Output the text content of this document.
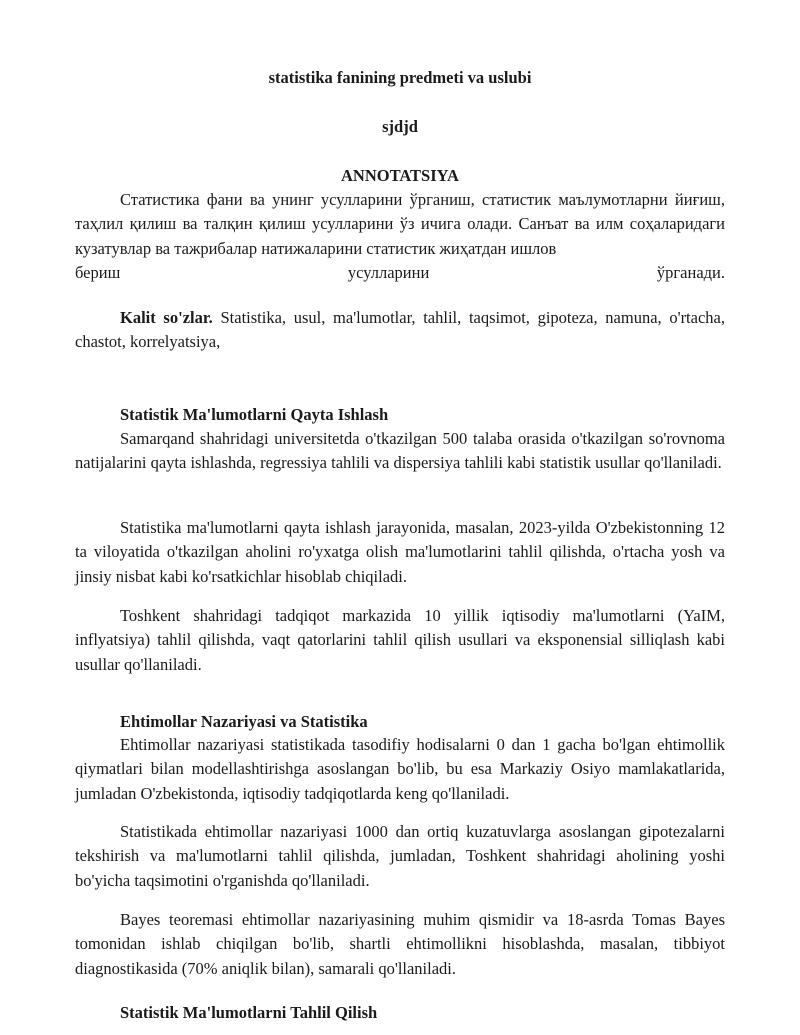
statistika fanining predmeti va uslubi
sjdjd
ANNOTATSIYA
Статистика фани ва унинг усулларини ўрганиш, статистик маълумотларни йиғиш, таҳлил қилиш ва талқин қилиш усулларини ўз ичига олади. Санъат ва илм соҳаларидаги кузатувлар ва тажрибалар натижаларини статистик жиҳатдан ишлов
бериш усулларини ўрганади.
Kalit so'zlar. Statistika, usul, ma'lumotlar, tahlil, taqsimot, gipoteza, namuna, o'rtacha, chastot, korrelyatsiya,
Statistik Ma'lumotlarni Qayta Ishlash
Samarqand shahridagi universitetda o'tkazilgan 500 talaba orasida o'tkazilgan so'rovnoma natijalarini qayta ishlashda, regressiya tahlili va dispersiya tahlili kabi statistik usullar qo'llaniladi.
Statistika ma'lumotlarni qayta ishlash jarayonida, masalan, 2023-yilda O'zbekistonning 12 ta viloyatida o'tkazilgan aholini ro'yxatga olish ma'lumotlarini tahlil qilishda, o'rtacha yosh va jinsiy nisbat kabi ko'rsatkichlar hisoblab chiqiladi.
Toshkent shahridagi tadqiqot markazida 10 yillik iqtisodiy ma'lumotlarni (YaIM, inflyatsiya) tahlil qilishda, vaqt qatorlarini tahlil qilish usullari va eksponensial silliqlash kabi usullar qo'llaniladi.
Ehtimollar Nazariyasi va Statistika
Ehtimollar nazariyasi statistikada tasodifiy hodisalarni 0 dan 1 gacha bo'lgan ehtimollik qiymatlari bilan modellashtirishga asoslangan bo'lib, bu esa Markaziy Osiyo mamlakatlarida, jumladan O'zbekistonda, iqtisodiy tadqiqotlarda keng qo'llaniladi.
Statistikada ehtimollar nazariyasi 1000 dan ortiq kuzatuvlarga asoslangan gipotezalarni tekshirish va ma'lumotlarni tahlil qilishda, jumladan, Toshkent shahridagi aholining yoshi bo'yicha taqsimotini o'rganishda qo'llaniladi.
Bayes teoremasi ehtimollar nazariyasining muhim qismidir va 18-asrda Tomas Bayes tomonidan ishlab chiqilgan bo'lib, shartli ehtimollikni hisoblashda, masalan, tibbiyot diagnostikasida (70% aniqlik bilan), samarali qo'llaniladi.
Statistik Ma'lumotlarni Tahlil Qilish
